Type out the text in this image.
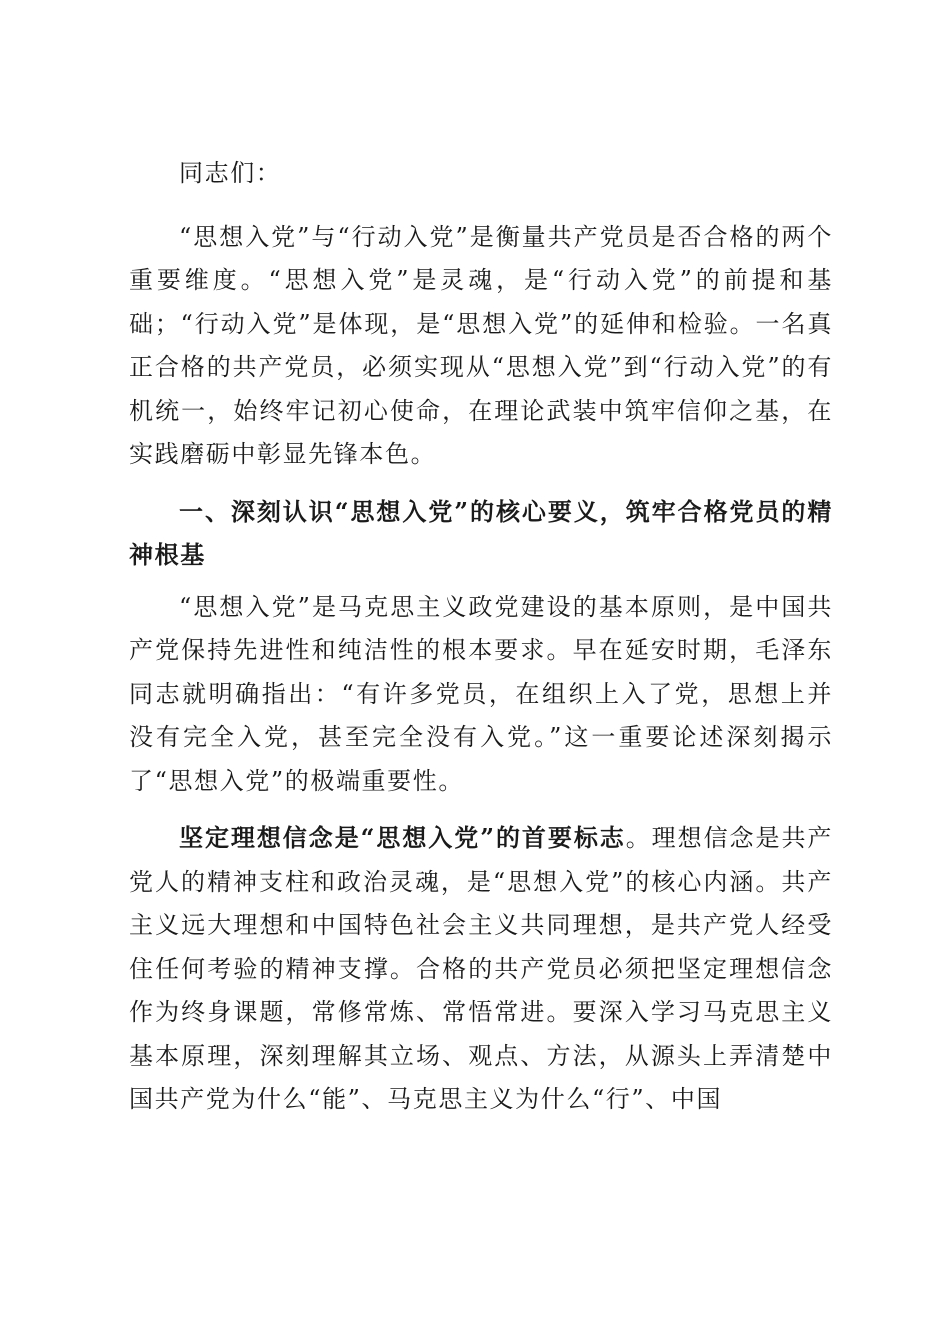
同志们：

“思想入党”与“行动入党”是衡量共产党员是否合格的两个重要维度。“思想入党”是灵魂，是“行动入党”的前提和基础；“行动入党”是体现，是“思想入党”的延伸和检验。一名真正合格的共产党员，必须实现从“思想入党”到“行动入党”的有机统一，始终牢记初心使命，在理论武装中筑牢信仰之基，在实践磨砺中彰显先锋本色。

一、深刻认识“思想入党”的核心要义，筑牢合格党员的精神根基

“思想入党”是马克思主义政党建设的基本原则，是中国共产党保持先进性和纯洁性的根本要求。早在延安时期，毛泽东同志就明确指出：“有许多党员，在组织上入了党，思想上并没有完全入党，甚至完全没有入党。”这一重要论述深刻揭示了“思想入党”的极端重要性。

坚定理想信念是“思想入党”的首要标志。理想信念是共产党人的精神支柱和政治灵魂，是“思想入党”的核心内涵。共产主义远大理想和中国特色社会主义共同理想，是共产党人经受住任何考验的精神支撑。合格的共产党员必须把坚定理想信念作为终身课题，常修常炼、常悟常进。要深入学习马克思主义基本原理，深刻理解其立场、观点、方法，从源头上弄清楚中国共产党为什么“能”、马克思主义为什么“行”、中国
